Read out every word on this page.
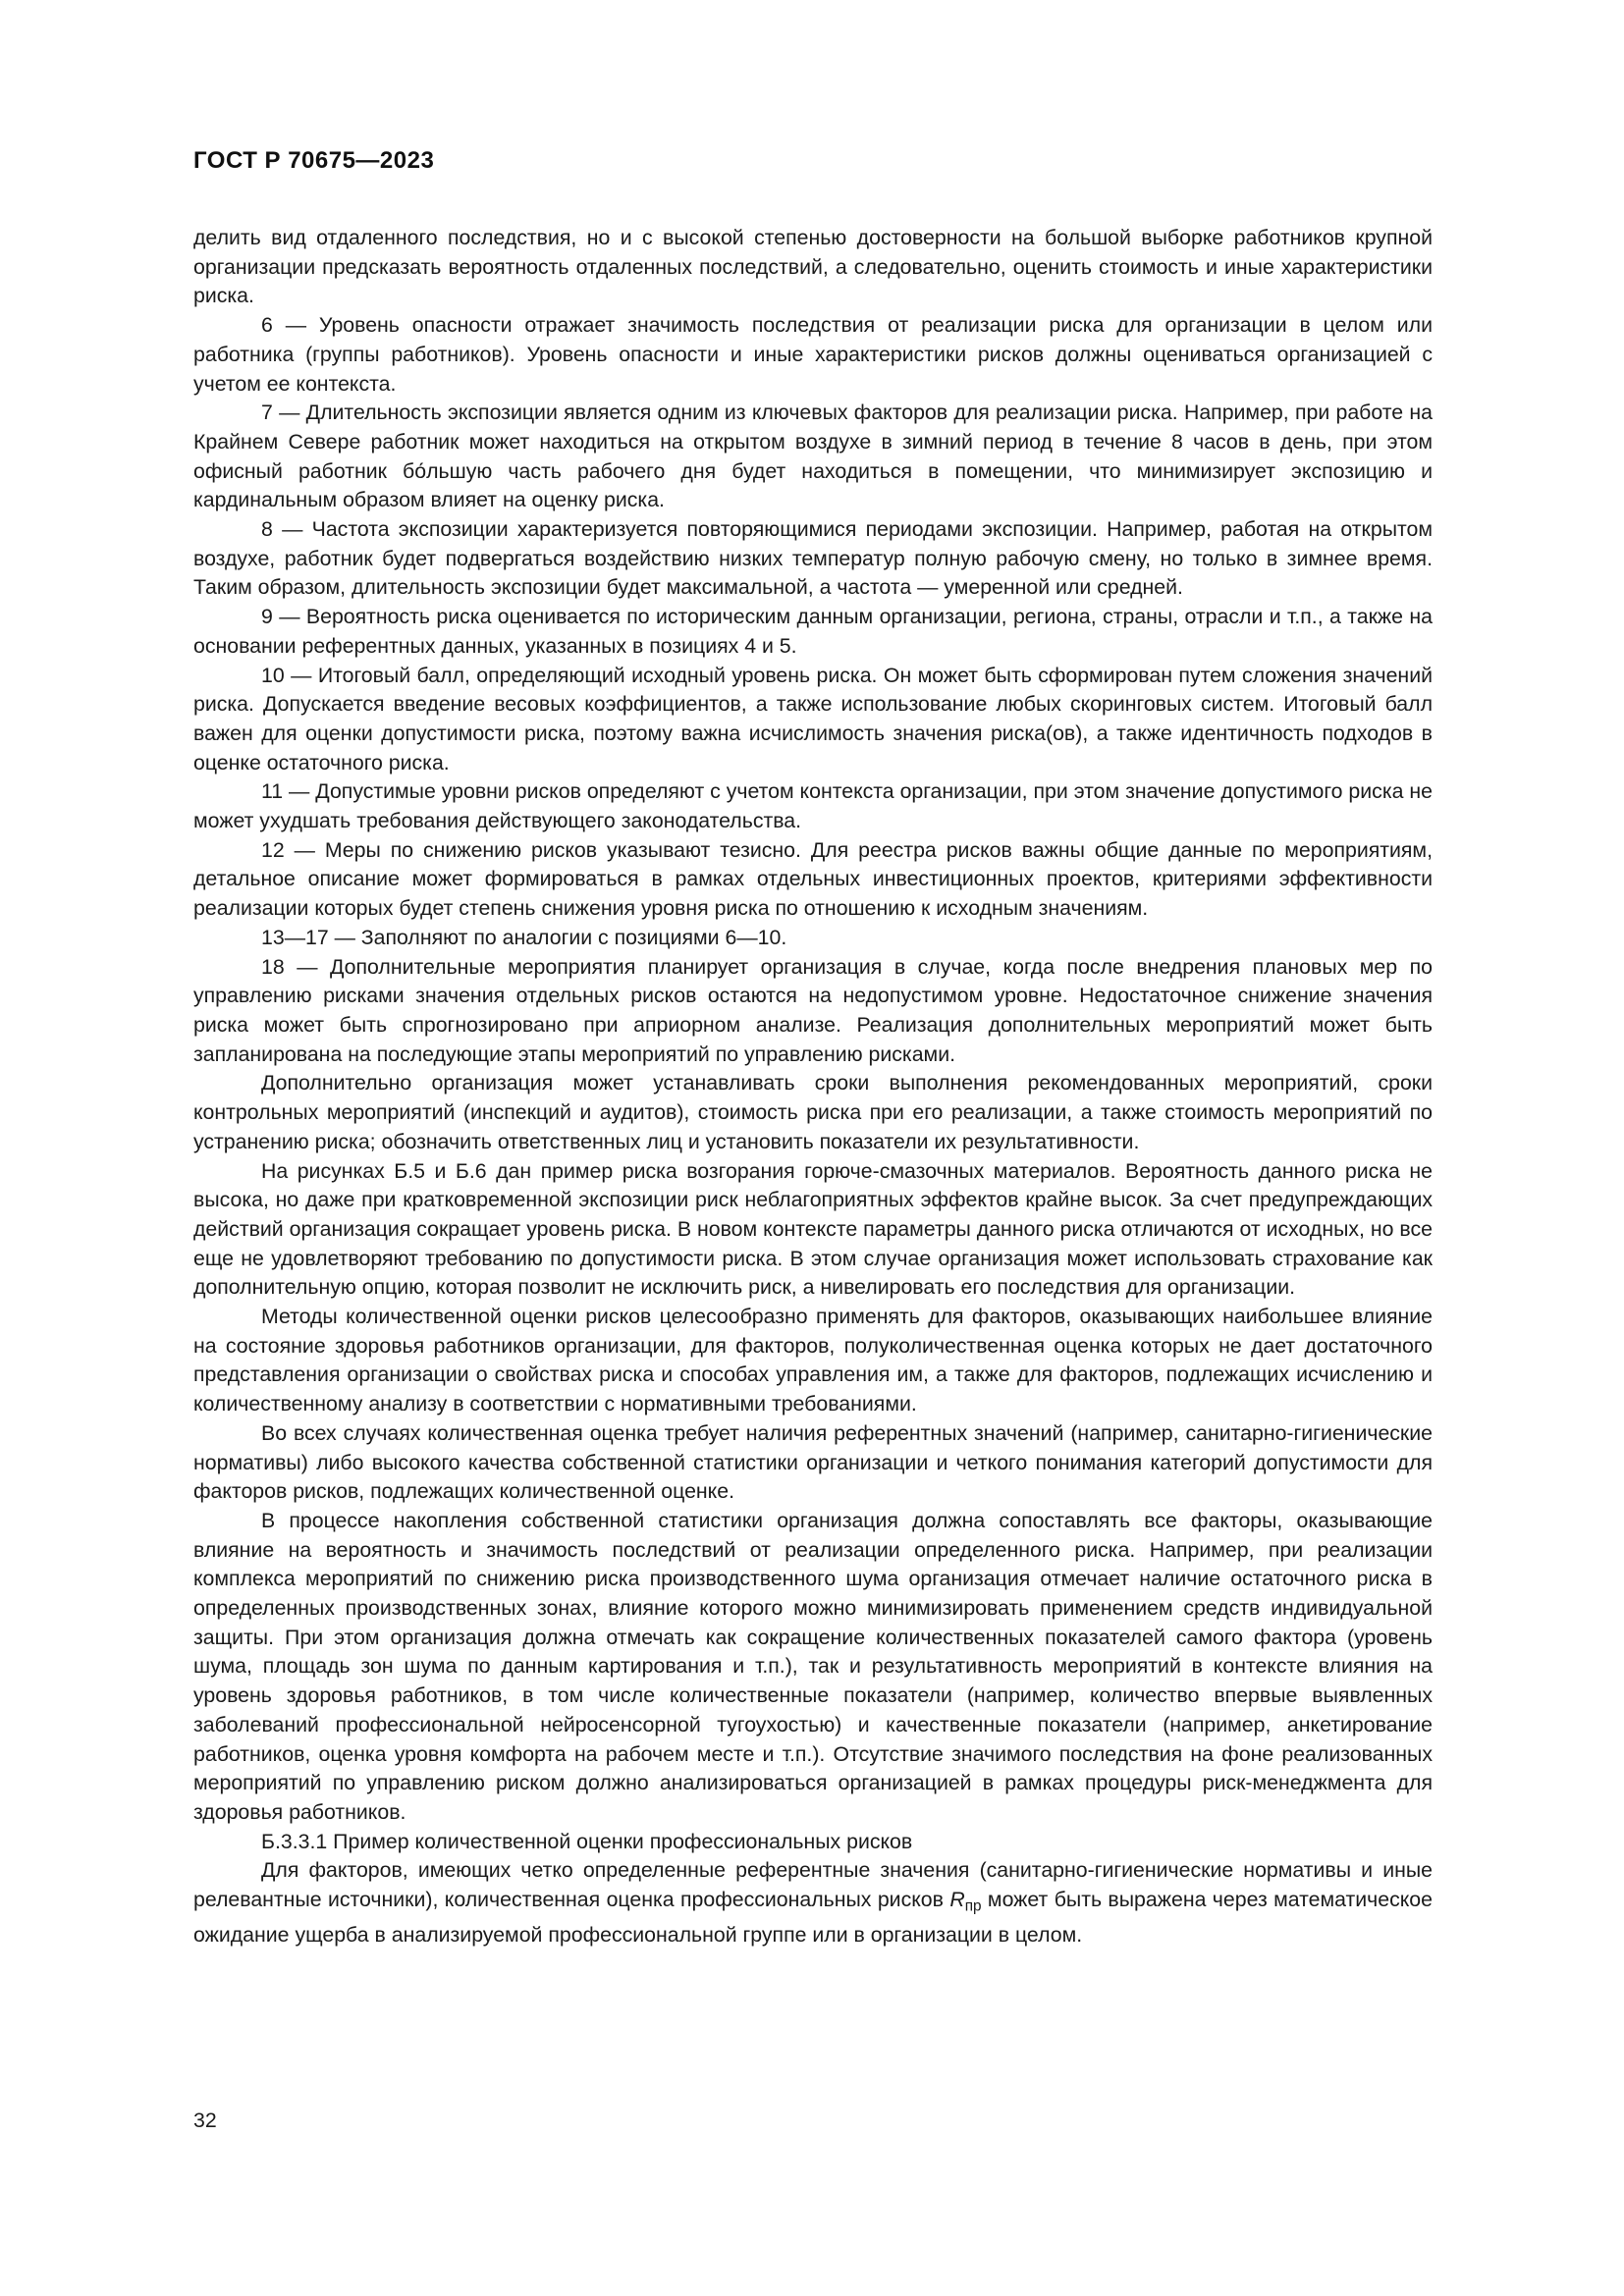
ГОСТ Р 70675—2023

делить вид отдаленного последствия, но и с высокой степенью достоверности на большой выборке работников крупной организации предсказать вероятность отдаленных последствий, а следовательно, оценить стоимость и иные характеристики риска.

6 — Уровень опасности отражает значимость последствия от реализации риска для организации в целом или работника (группы работников). Уровень опасности и иные характеристики рисков должны оцениваться организацией с учетом ее контекста.

7 — Длительность экспозиции является одним из ключевых факторов для реализации риска. Например, при работе на Крайнем Севере работник может находиться на открытом воздухе в зимний период в течение 8 часов в день, при этом офисный работник бо́льшую часть рабочего дня будет находиться в помещении, что минимизирует экспозицию и кардинальным образом влияет на оценку риска.

8 — Частота экспозиции характеризуется повторяющимися периодами экспозиции. Например, работая на открытом воздухе, работник будет подвергаться воздействию низких температур полную рабочую смену, но только в зимнее время. Таким образом, длительность экспозиции будет максимальной, а частота — умеренной или средней.

9 — Вероятность риска оценивается по историческим данным организации, региона, страны, отрасли и т.п., а также на основании референтных данных, указанных в позициях 4 и 5.

10 — Итоговый балл, определяющий исходный уровень риска. Он может быть сформирован путем сложения значений риска. Допускается введение весовых коэффициентов, а также использование любых скоринговых систем. Итоговый балл важен для оценки допустимости риска, поэтому важна исчислимость значения риска(ов), а также идентичность подходов в оценке остаточного риска.

11 — Допустимые уровни рисков определяют с учетом контекста организации, при этом значение допустимого риска не может ухудшать требования действующего законодательства.

12 — Меры по снижению рисков указывают тезисно. Для реестра рисков важны общие данные по мероприятиям, детальное описание может формироваться в рамках отдельных инвестиционных проектов, критериями эффективности реализации которых будет степень снижения уровня риска по отношению к исходным значениям.

13—17 — Заполняют по аналогии с позициями 6—10.

18 — Дополнительные мероприятия планирует организация в случае, когда после внедрения плановых мер по управлению рисками значения отдельных рисков остаются на недопустимом уровне. Недостаточное снижение значения риска может быть спрогнозировано при априорном анализе. Реализация дополнительных мероприятий может быть запланирована на последующие этапы мероприятий по управлению рисками.

Дополнительно организация может устанавливать сроки выполнения рекомендованных мероприятий, сроки контрольных мероприятий (инспекций и аудитов), стоимость риска при его реализации, а также стоимость мероприятий по устранению риска; обозначить ответственных лиц и установить показатели их результативности.

На рисунках Б.5 и Б.6 дан пример риска возгорания горюче-смазочных материалов. Вероятность данного риска не высока, но даже при кратковременной экспозиции риск неблагоприятных эффектов крайне высок. За счет предупреждающих действий организация сокращает уровень риска. В новом контексте параметры данного риска отличаются от исходных, но все еще не удовлетворяют требованию по допустимости риска. В этом случае организация может использовать страхование как дополнительную опцию, которая позволит не исключить риск, а нивелировать его последствия для организации.

Методы количественной оценки рисков целесообразно применять для факторов, оказывающих наибольшее влияние на состояние здоровья работников организации, для факторов, полуколичественная оценка которых не дает достаточного представления организации о свойствах риска и способах управления им, а также для факторов, подлежащих исчислению и количественному анализу в соответствии с нормативными требованиями.

Во всех случаях количественная оценка требует наличия референтных значений (например, санитарно-гигиенические нормативы) либо высокого качества собственной статистики организации и четкого понимания категорий допустимости для факторов рисков, подлежащих количественной оценке.

В процессе накопления собственной статистики организация должна сопоставлять все факторы, оказывающие влияние на вероятность и значимость последствий от реализации определенного риска. Например, при реализации комплекса мероприятий по снижению риска производственного шума организация отмечает наличие остаточного риска в определенных производственных зонах, влияние которого можно минимизировать применением средств индивидуальной защиты. При этом организация должна отмечать как сокращение количественных показателей самого фактора (уровень шума, площадь зон шума по данным картирования и т.п.), так и результативность мероприятий в контексте влияния на уровень здоровья работников, в том числе количественные показатели (например, количество впервые выявленных заболеваний профессиональной нейросенсорной тугоухостью) и качественные показатели (например, анкетирование работников, оценка уровня комфорта на рабочем месте и т.п.). Отсутствие значимого последствия на фоне реализованных мероприятий по управлению риском должно анализироваться организацией в рамках процедуры риск-менеджмента для здоровья работников.

Б.3.3.1 Пример количественной оценки профессиональных рисков

Для факторов, имеющих четко определенные референтные значения (санитарно-гигиенические нормативы и иные релевантные источники), количественная оценка профессиональных рисков $R_{пр}$ может быть выражена через математическое ожидание ущерба в анализируемой профессиональной группе или в организации в целом.

32
